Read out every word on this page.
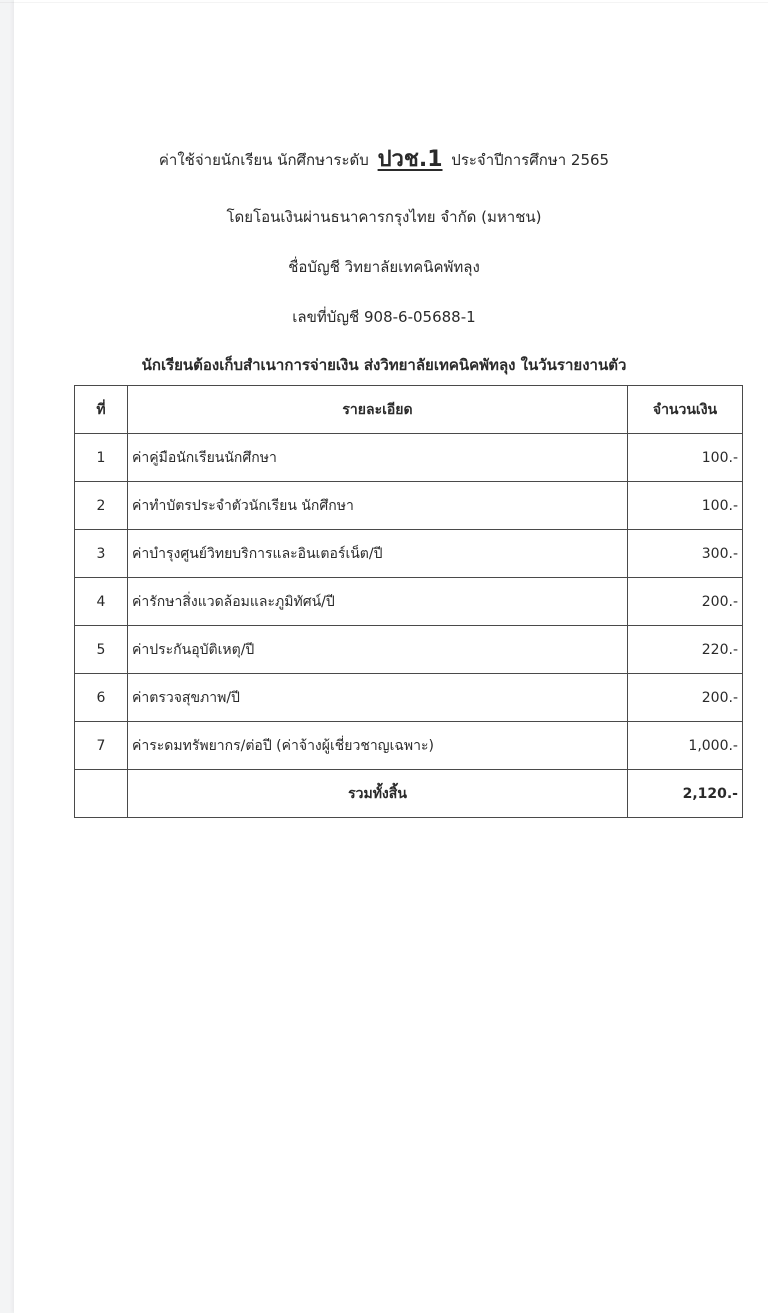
ค่าใช้จ่ายนักเรียน นักศึกษาระดับ ปวช.1 ประจำปีการศึกษา 2565
โดยโอนเงินผ่านธนาคารกรุงไทย จำกัด (มหาชน)
ชื่อบัญชี วิทยาลัยเทคนิคพัทลุง
เลขที่บัญชี 908-6-05688-1
นักเรียนต้องเก็บสำเนาการจ่ายเงิน ส่งวิทยาลัยเทคนิคพัทลุง ในวันรายงานตัว
ที่	รายละเอียด	จำนวนเงิน
1	ค่าคู่มือนักเรียนนักศึกษา	100.-
2	ค่าทำบัตรประจำตัวนักเรียน นักศึกษา	100.-
3	ค่าบำรุงศูนย์วิทยบริการและอินเตอร์เน็ต/ปี	300.-
4	ค่ารักษาสิ่งแวดล้อมและภูมิทัศน์/ปี	200.-
5	ค่าประกันอุบัติเหตุ/ปี	220.-
6	ค่าตรวจสุขภาพ/ปี	200.-
7	ค่าระดมทรัพยากร/ต่อปี (ค่าจ้างผู้เชี่ยวชาญเฉพาะ)	1,000.-
	รวมทั้งสิ้น	2,120.-
